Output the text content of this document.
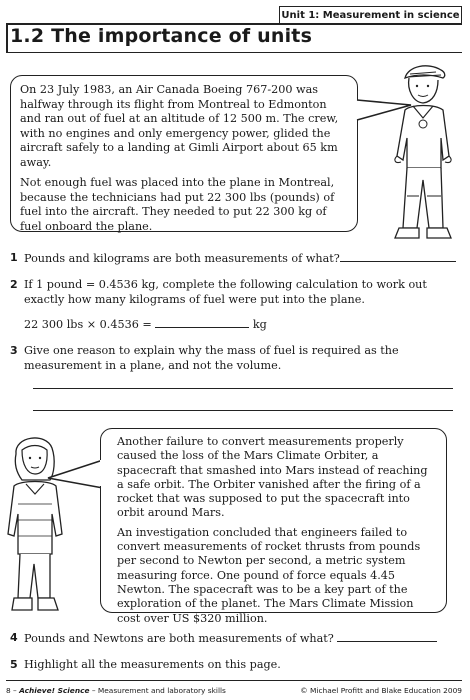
Unit 1: Measurement in science
1.2 The importance of units

On 23 July 1983, an Air Canada Boeing 767-200 was halfway through its flight from Montreal to Edmonton and ran out of fuel at an altitude of 12 500 m. The crew, with no engines and only emergency power, glided the aircraft safely to a landing at Gimli Airport about 65 km away.

Not enough fuel was placed into the plane in Montreal, because the technicians had put 22 300 lbs (pounds) of fuel into the aircraft. They needed to put 22 300 kg of fuel onboard the plane.

1 Pounds and kilograms are both measurements of what?
2 If 1 pound = 0.4536 kg, complete the following calculation to work out
exactly how many kilograms of fuel were put into the plane.
22 300 lbs × 0.4536 =	kg
3 Give one reason to explain why the mass of fuel is required as the
measurement in a plane, and not the volume.

Another failure to convert measurements properly caused the loss of the Mars Climate Orbiter, a spacecraft that smashed into Mars instead of reaching a safe orbit. The Orbiter vanished after the firing of a rocket that was supposed to put the spacecraft into orbit around Mars.

An investigation concluded that engineers failed to convert measurements of rocket thrusts from pounds per second to Newton per second, a metric system measuring force. One pound of force equals 4.45 Newton. The spacecraft was to be a key part of the exploration of the planet. The Mars Climate Mission cost over US $320 million.

4 Pounds and Newtons are both measurements of what?
5 Highlight all the measurements on this page.
8 – Achieve! Science – Measurement and laboratory skills	© Michael Profitt and Blake Education 2009
